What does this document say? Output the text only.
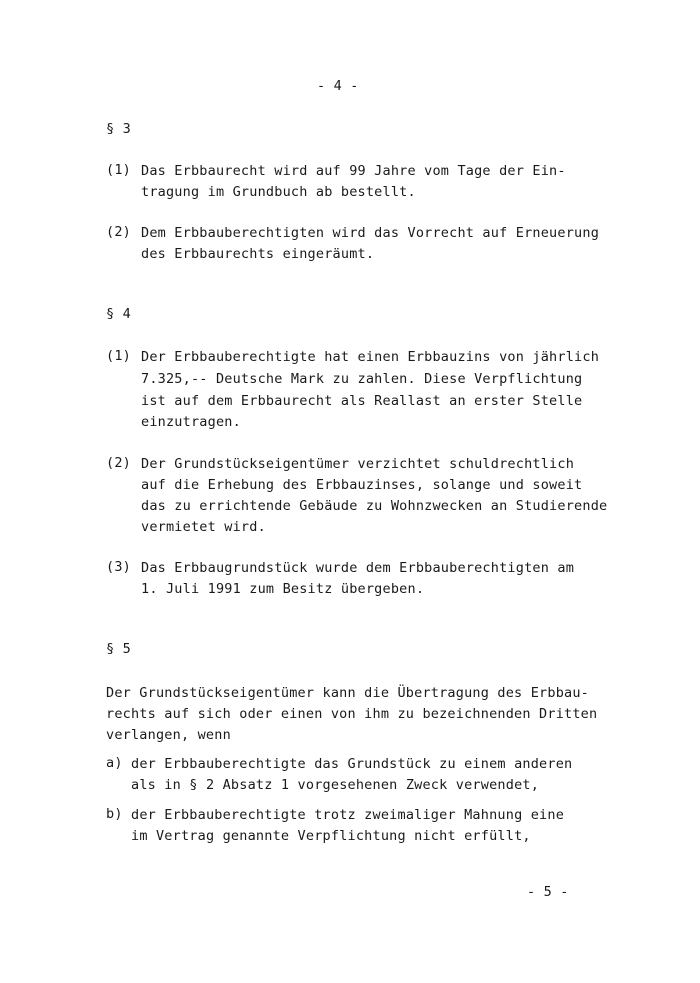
- 4 -
§ 3
(1) Das Erbbaurecht wird auf 99 Jahre vom Tage der Ein-
tragung im Grundbuch ab bestellt.
(2) Dem Erbbauberechtigten wird das Vorrecht auf Erneuerung
des Erbbaurechts eingeräumt.
§ 4
(1) Der Erbbauberechtigte hat einen Erbbauzins von jährlich
7.325,-- Deutsche Mark zu zahlen. Diese Verpflichtung
ist auf dem Erbbaurecht als Reallast an erster Stelle
einzutragen.
(2) Der Grundstückseigentümer verzichtet schuldrechtlich
auf die Erhebung des Erbbauzinses, solange und soweit
das zu errichtende Gebäude zu Wohnzwecken an Studierende
vermietet wird.
(3) Das Erbbaugrundstück wurde dem Erbbauberechtigten am
1. Juli 1991 zum Besitz übergeben.
§ 5
Der Grundstückseigentümer kann die Übertragung des Erbbau-
rechts auf sich oder einen von ihm zu bezeichnenden Dritten
verlangen, wenn
a) der Erbbauberechtigte das Grundstück zu einem anderen
als in § 2 Absatz 1 vorgesehenen Zweck verwendet,
b) der Erbbauberechtigte trotz zweimaliger Mahnung eine
im Vertrag genannte Verpflichtung nicht erfüllt,
- 5 -
